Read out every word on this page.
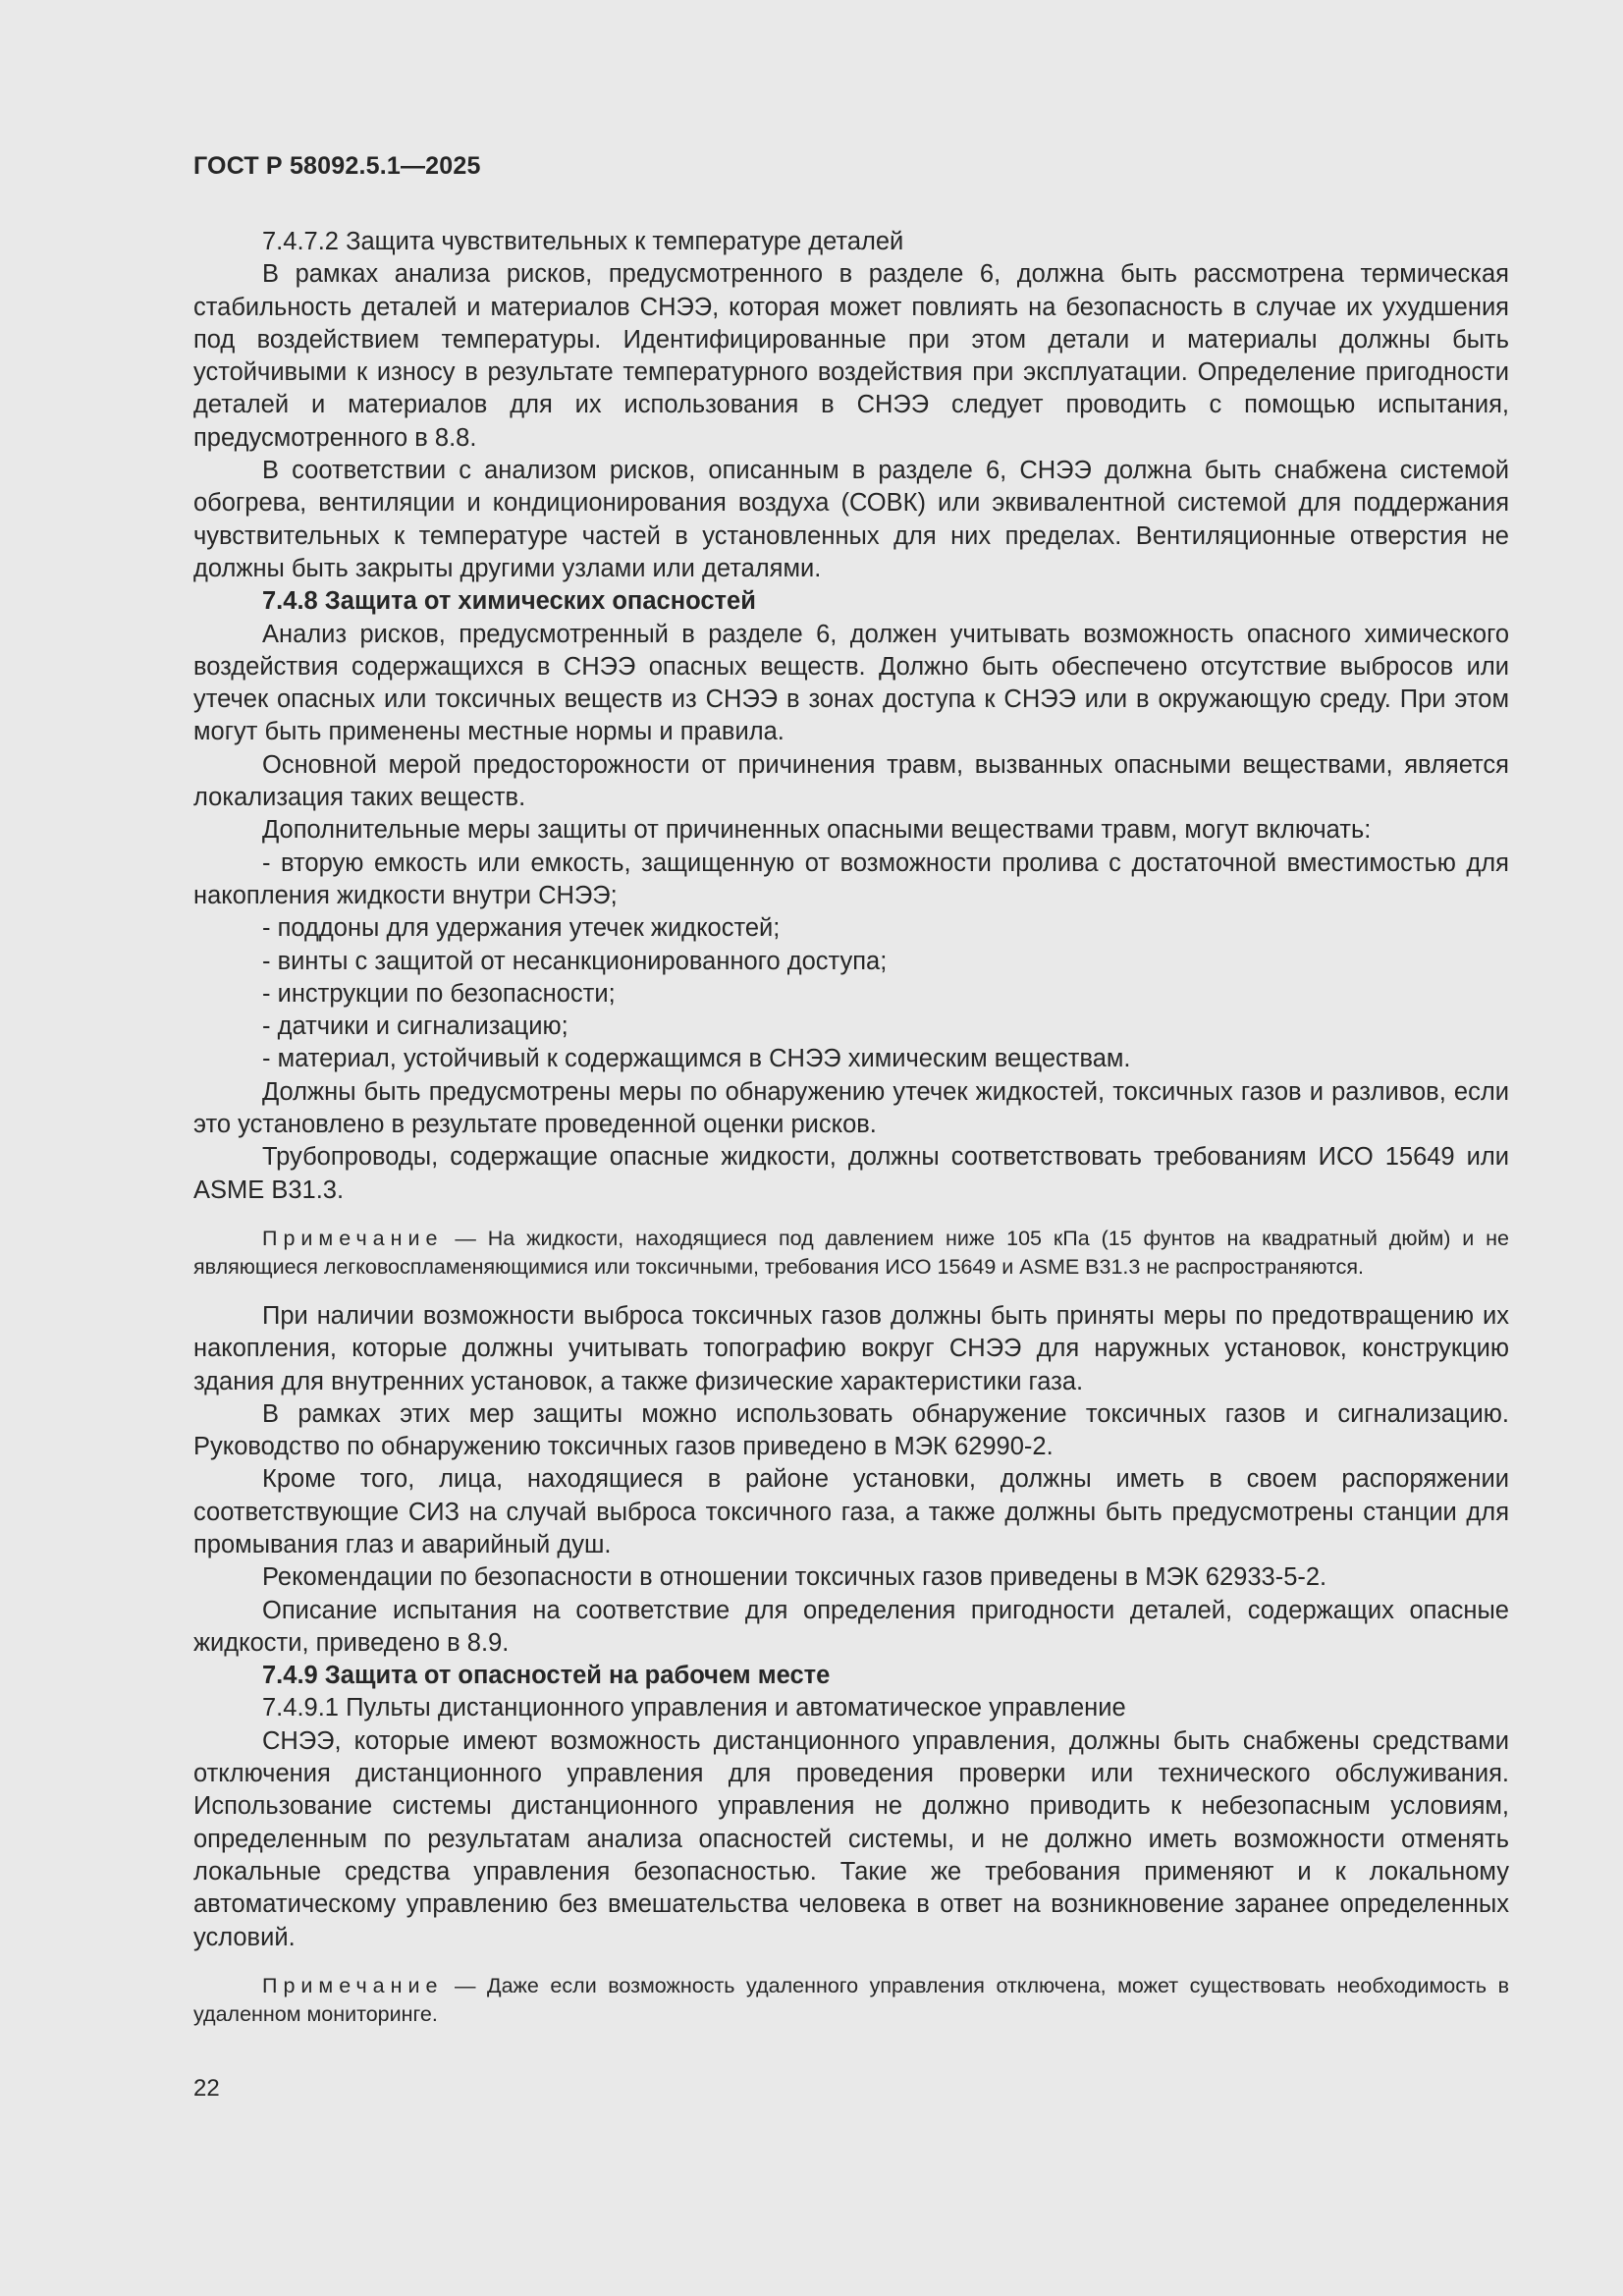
ГОСТ Р 58092.5.1—2025

7.4.7.2 Защита чувствительных к температуре деталей

В рамках анализа рисков, предусмотренного в разделе 6, должна быть рассмотрена термическая стабильность деталей и материалов СНЭЭ, которая может повлиять на безопасность в случае их ухудшения под воздействием температуры. Идентифицированные при этом детали и материалы должны быть устойчивыми к износу в результате температурного воздействия при эксплуатации. Определение пригодности деталей и материалов для их использования в СНЭЭ следует проводить с помощью испытания, предусмотренного в 8.8.

В соответствии с анализом рисков, описанным в разделе 6, СНЭЭ должна быть снабжена системой обогрева, вентиляции и кондиционирования воздуха (СОВК) или эквивалентной системой для поддержания чувствительных к температуре частей в установленных для них пределах. Вентиляционные отверстия не должны быть закрыты другими узлами или деталями.

7.4.8 Защита от химических опасностей

Анализ рисков, предусмотренный в разделе 6, должен учитывать возможность опасного химического воздействия содержащихся в СНЭЭ опасных веществ. Должно быть обеспечено отсутствие выбросов или утечек опасных или токсичных веществ из СНЭЭ в зонах доступа к СНЭЭ или в окружающую среду. При этом могут быть применены местные нормы и правила.

Основной мерой предосторожности от причинения травм, вызванных опасными веществами, является локализация таких веществ.

Дополнительные меры защиты от причиненных опасными веществами травм, могут включать:

- вторую емкость или емкость, защищенную от возможности пролива с достаточной вместимостью для накопления жидкости внутри СНЭЭ;

- поддоны для удержания утечек жидкостей;

- винты с защитой от несанкционированного доступа;

- инструкции по безопасности;

- датчики и сигнализацию;

- материал, устойчивый к содержащимся в СНЭЭ химическим веществам.

Должны быть предусмотрены меры по обнаружению утечек жидкостей, токсичных газов и разливов, если это установлено в результате проведенной оценки рисков.

Трубопроводы, содержащие опасные жидкости, должны соответствовать требованиям ИСО 15649 или ASME B31.3.

Примечание — На жидкости, находящиеся под давлением ниже 105 кПа (15 фунтов на квадратный дюйм) и не являющиеся легковоспламеняющимися или токсичными, требования ИСО 15649 и ASME B31.3 не распространяются.

При наличии возможности выброса токсичных газов должны быть приняты меры по предотвращению их накопления, которые должны учитывать топографию вокруг СНЭЭ для наружных установок, конструкцию здания для внутренних установок, а также физические характеристики газа.

В рамках этих мер защиты можно использовать обнаружение токсичных газов и сигнализацию. Руководство по обнаружению токсичных газов приведено в МЭК 62990-2.

Кроме того, лица, находящиеся в районе установки, должны иметь в своем распоряжении соответствующие СИЗ на случай выброса токсичного газа, а также должны быть предусмотрены станции для промывания глаз и аварийный душ.

Рекомендации по безопасности в отношении токсичных газов приведены в МЭК 62933-5-2.

Описание испытания на соответствие для определения пригодности деталей, содержащих опасные жидкости, приведено в 8.9.

7.4.9 Защита от опасностей на рабочем месте

7.4.9.1 Пульты дистанционного управления и автоматическое управление

СНЭЭ, которые имеют возможность дистанционного управления, должны быть снабжены средствами отключения дистанционного управления для проведения проверки или технического обслуживания. Использование системы дистанционного управления не должно приводить к небезопасным условиям, определенным по результатам анализа опасностей системы, и не должно иметь возможности отменять локальные средства управления безопасностью. Такие же требования применяют и к локальному автоматическому управлению без вмешательства человека в ответ на возникновение заранее определенных условий.

Примечание — Даже если возможность удаленного управления отключена, может существовать необходимость в удаленном мониторинге.

22
